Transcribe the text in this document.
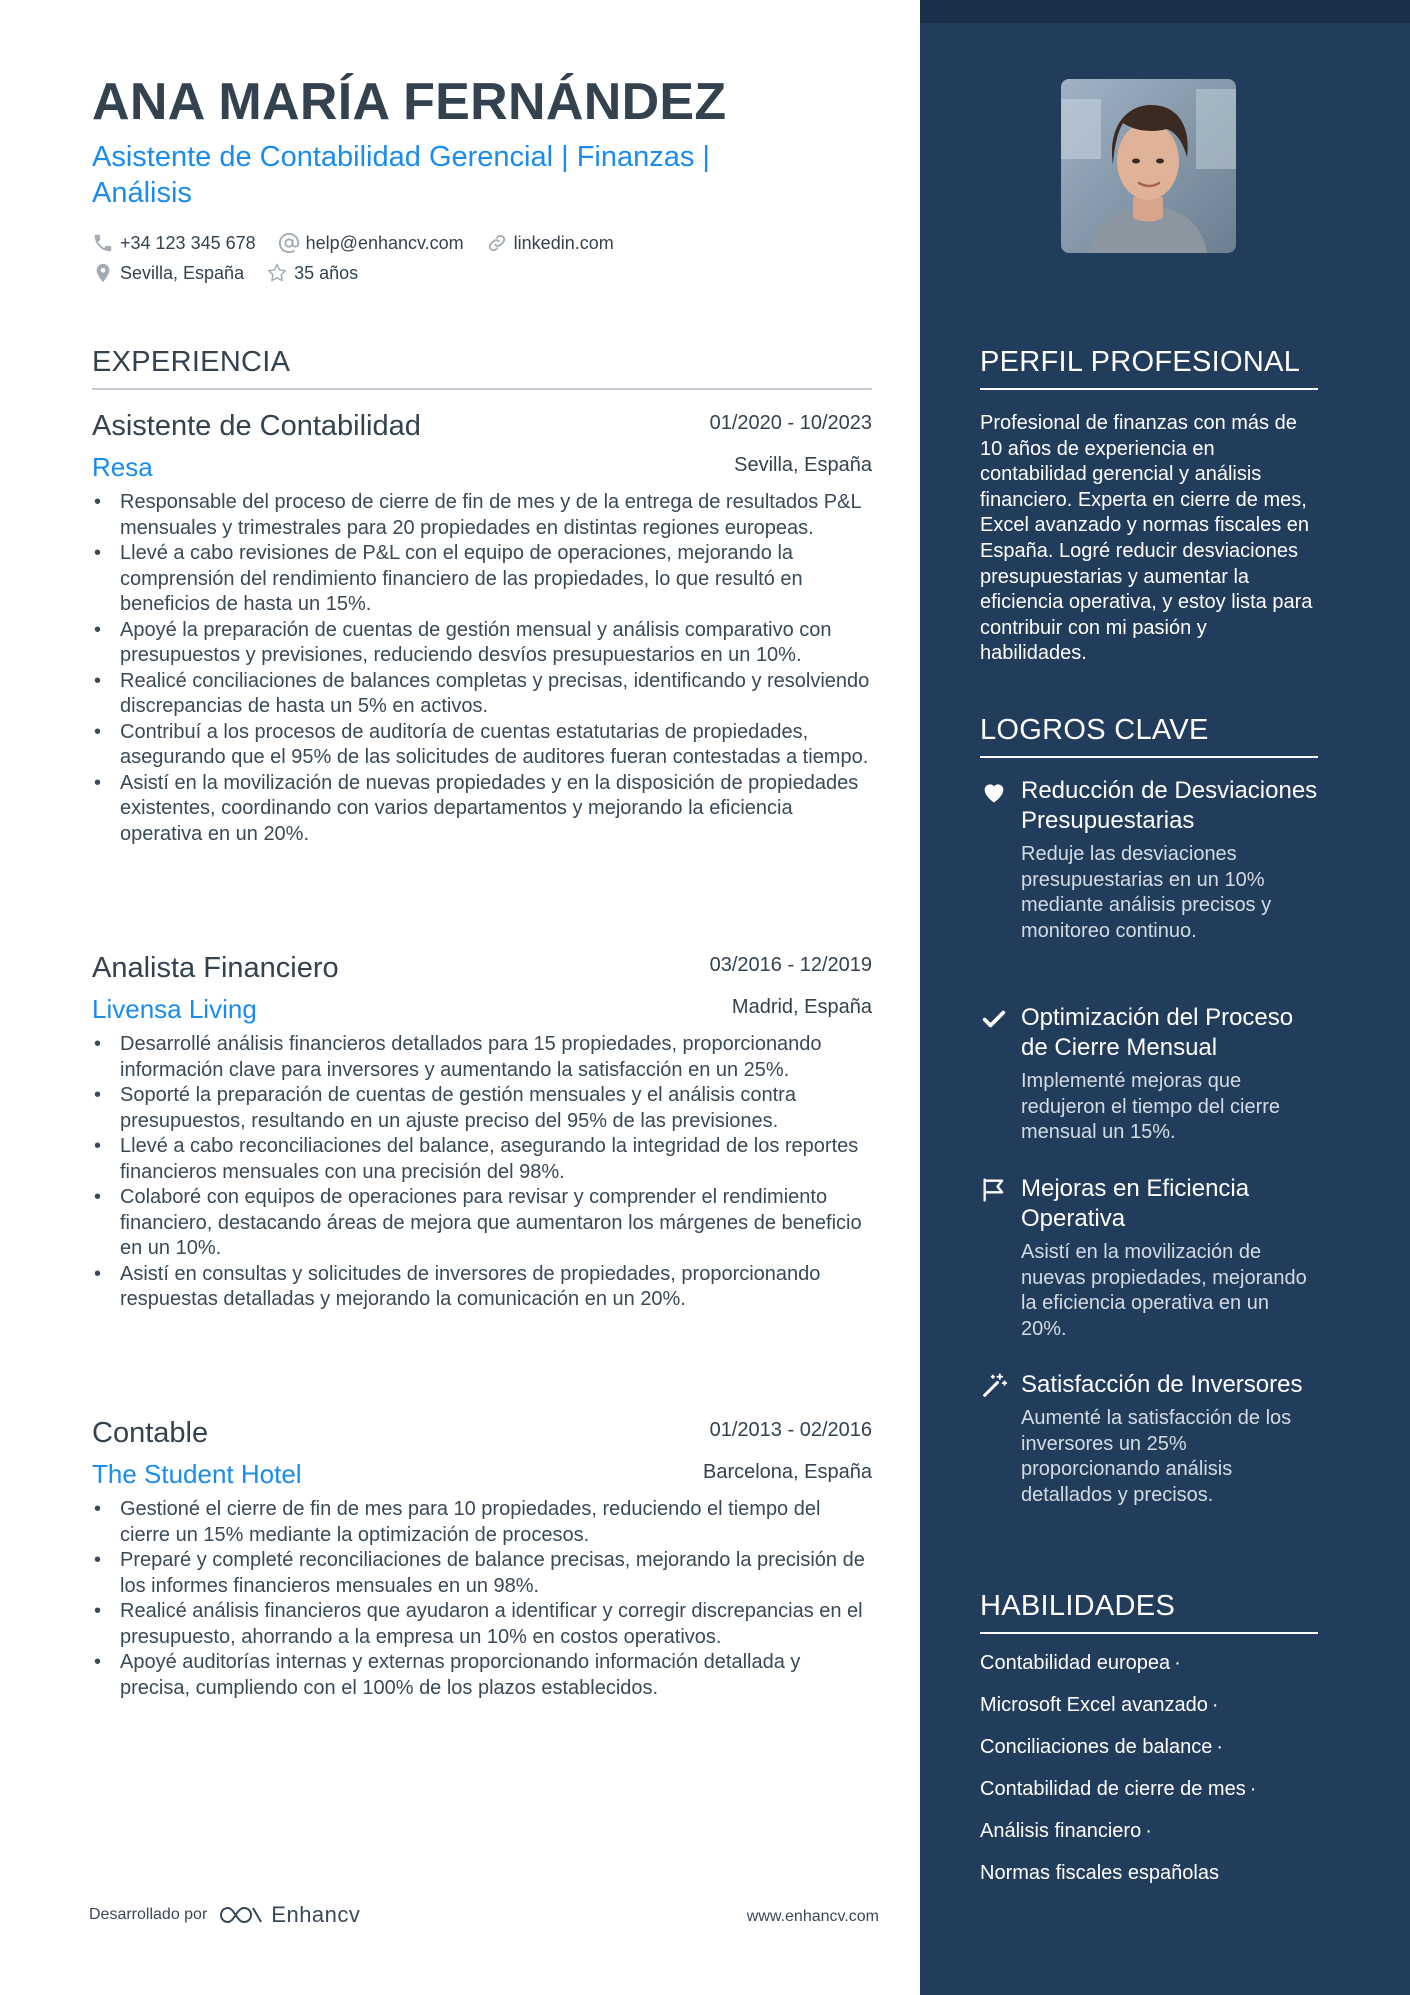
ANA MARÍA FERNÁNDEZ
Asistente de Contabilidad Gerencial | Finanzas | Análisis
+34 123 345 678	help@enhancv.com	linkedin.com
Sevilla, España	35 años
EXPERIENCIA
Asistente de Contabilidad	01/2020 - 10/2023
Resa	Sevilla, España
• Responsable del proceso de cierre de fin de mes y de la entrega de resultados P&L mensuales y trimestrales para 20 propiedades en distintas regiones europeas.
• Llevé a cabo revisiones de P&L con el equipo de operaciones, mejorando la comprensión del rendimiento financiero de las propiedades, lo que resultó en beneficios de hasta un 15%.
• Apoyé la preparación de cuentas de gestión mensual y análisis comparativo con presupuestos y previsiones, reduciendo desvíos presupuestarios en un 10%.
• Realicé conciliaciones de balances completas y precisas, identificando y resolviendo discrepancias de hasta un 5% en activos.
• Contribuí a los procesos de auditoría de cuentas estatutarias de propiedades, asegurando que el 95% de las solicitudes de auditores fueran contestadas a tiempo.
• Asistí en la movilización de nuevas propiedades y en la disposición de propiedades existentes, coordinando con varios departamentos y mejorando la eficiencia operativa en un 20%.
Analista Financiero	03/2016 - 12/2019
Livensa Living	Madrid, España
• Desarrollé análisis financieros detallados para 15 propiedades, proporcionando información clave para inversores y aumentando la satisfacción en un 25%.
• Soporté la preparación de cuentas de gestión mensuales y el análisis contra presupuestos, resultando en un ajuste preciso del 95% de las previsiones.
• Llevé a cabo reconciliaciones del balance, asegurando la integridad de los reportes financieros mensuales con una precisión del 98%.
• Colaboré con equipos de operaciones para revisar y comprender el rendimiento financiero, destacando áreas de mejora que aumentaron los márgenes de beneficio en un 10%.
• Asistí en consultas y solicitudes de inversores de propiedades, proporcionando respuestas detalladas y mejorando la comunicación en un 20%.
Contable	01/2013 - 02/2016
The Student Hotel	Barcelona, España
• Gestioné el cierre de fin de mes para 10 propiedades, reduciendo el tiempo del cierre un 15% mediante la optimización de procesos.
• Preparé y completé reconciliaciones de balance precisas, mejorando la precisión de los informes financieros mensuales en un 98%.
• Realicé análisis financieros que ayudaron a identificar y corregir discrepancias en el presupuesto, ahorrando a la empresa un 10% en costos operativos.
• Apoyé auditorías internas y externas proporcionando información detallada y precisa, cumpliendo con el 100% de los plazos establecidos.
Desarrollado por	Enhancv	www.enhancv.com
PERFIL PROFESIONAL
Profesional de finanzas con más de 10 años de experiencia en contabilidad gerencial y análisis financiero. Experta en cierre de mes, Excel avanzado y normas fiscales en España. Logré reducir desviaciones presupuestarias y aumentar la eficiencia operativa, y estoy lista para contribuir con mi pasión y habilidades.
LOGROS CLAVE
Reducción de Desviaciones Presupuestarias
Reduje las desviaciones presupuestarias en un 10% mediante análisis precisos y monitoreo continuo.
Optimización del Proceso de Cierre Mensual
Implementé mejoras que redujeron el tiempo del cierre mensual un 15%.
Mejoras en Eficiencia Operativa
Asistí en la movilización de nuevas propiedades, mejorando la eficiencia operativa en un 20%.
Satisfacción de Inversores
Aumenté la satisfacción de los inversores un 25% proporcionando análisis detallados y precisos.
HABILIDADES
Contabilidad europea ·
Microsoft Excel avanzado ·
Conciliaciones de balance ·
Contabilidad de cierre de mes ·
Análisis financiero ·
Normas fiscales españolas
